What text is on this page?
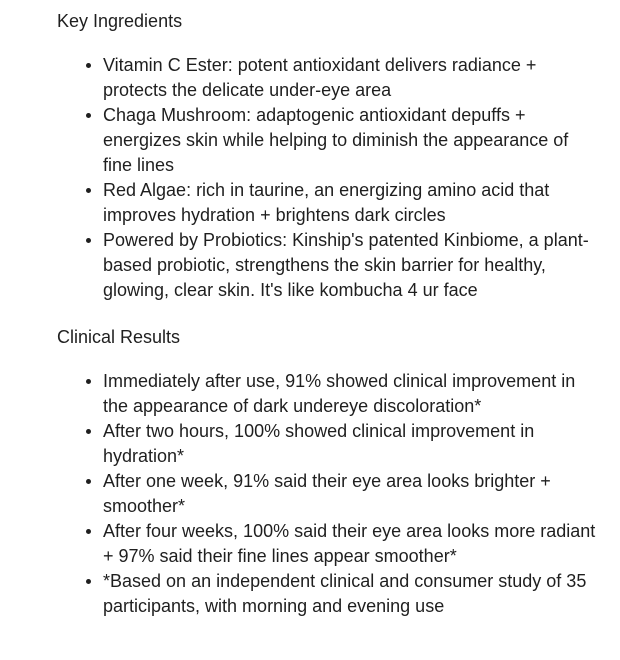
Key Ingredients
Vitamin C Ester: potent antioxidant delivers radiance + protects the delicate under-eye area
Chaga Mushroom: adaptogenic antioxidant depuffs + energizes skin while helping to diminish the appearance of fine lines
Red Algae: rich in taurine, an energizing amino acid that improves hydration + brightens dark circles
Powered by Probiotics: Kinship's patented Kinbiome, a plant-based probiotic, strengthens the skin barrier for healthy, glowing, clear skin. It's like kombucha 4 ur face
Clinical Results
Immediately after use, 91% showed clinical improvement in the appearance of dark undereye discoloration*
After two hours, 100% showed clinical improvement in hydration*
After one week, 91% said their eye area looks brighter + smoother*
After four weeks, 100% said their eye area looks more radiant + 97% said their fine lines appear smoother*
*Based on an independent clinical and consumer study of 35 participants, with morning and evening use
